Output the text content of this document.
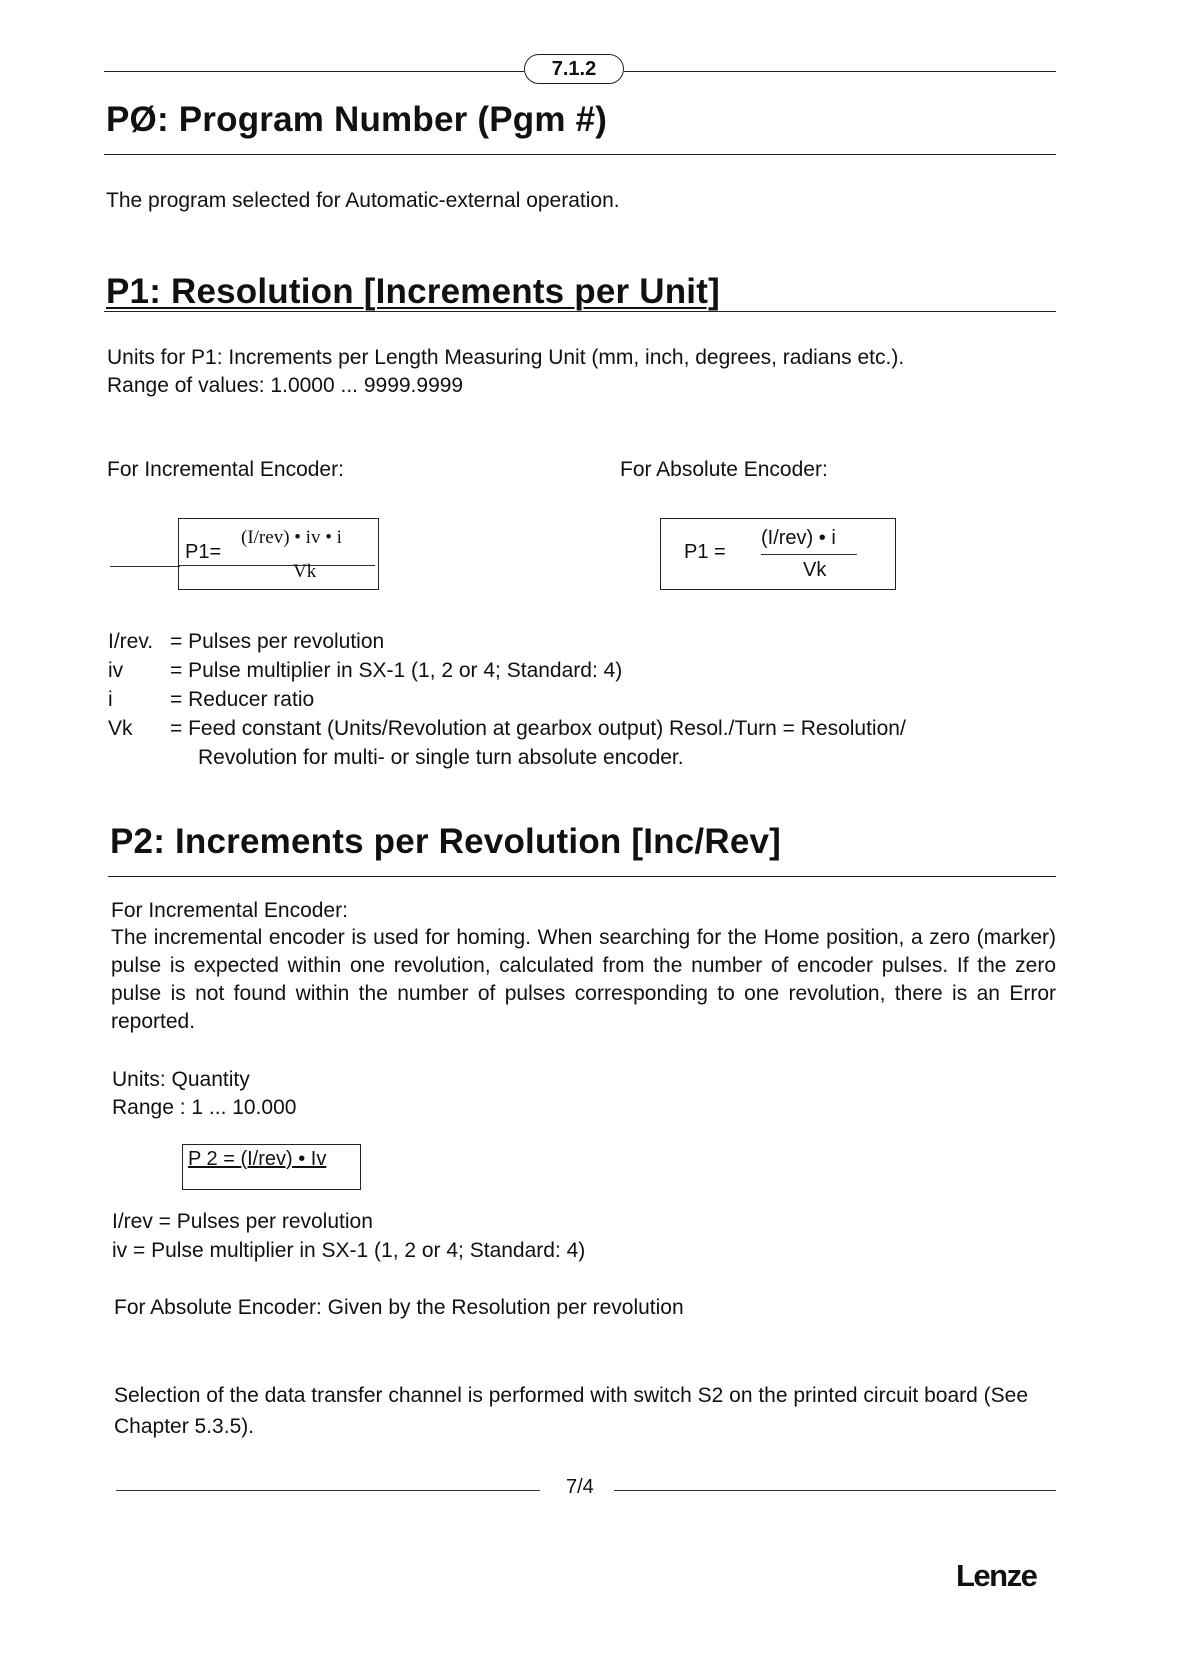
7.1.2
PØ: Program Number (Pgm #)
The program selected for Automatic-external operation.
P1: Resolution [Increments per Unit]
Units for P1: Increments per Length Measuring Unit (mm, inch, degrees, radians etc.).
Range of values: 1.0000 ... 9999.9999
For Incremental Encoder:	For Absolute Encoder:
P1=
(I/rev) • iv • i
Vk
P1 =
(I/rev) • i
Vk
I/rev. = Pulses per revolution
iv = Pulse multiplier in SX-1 (1, 2 or 4; Standard: 4)
i	= Reducer ratio
Vk = Feed constant (Units/Revolution at gearbox output) Resol./Turn = Resolution/
Revolution for multi- or single turn absolute encoder.
P2: Increments per Revolution [Inc/Rev]
For Incremental Encoder:
The incremental encoder is used for homing. When searching for the Home position, a zero (marker) pulse is expected within one revolution, calculated from the number of encoder pulses. If the zero pulse is not found within the number of pulses corresponding to one revolution, there is an Error reported.
Units: Quantity
Range : 1 ... 10.000
P 2 = (I/rev) • Iv
I/rev = Pulses per revolution
iv = Pulse multiplier in SX-1 (1, 2 or 4; Standard: 4)
For Absolute Encoder: Given by the Resolution per revolution
Selection of the data transfer channel is performed with switch S2 on the printed circuit board (See Chapter 5.3.5).
7/4
Lenze
